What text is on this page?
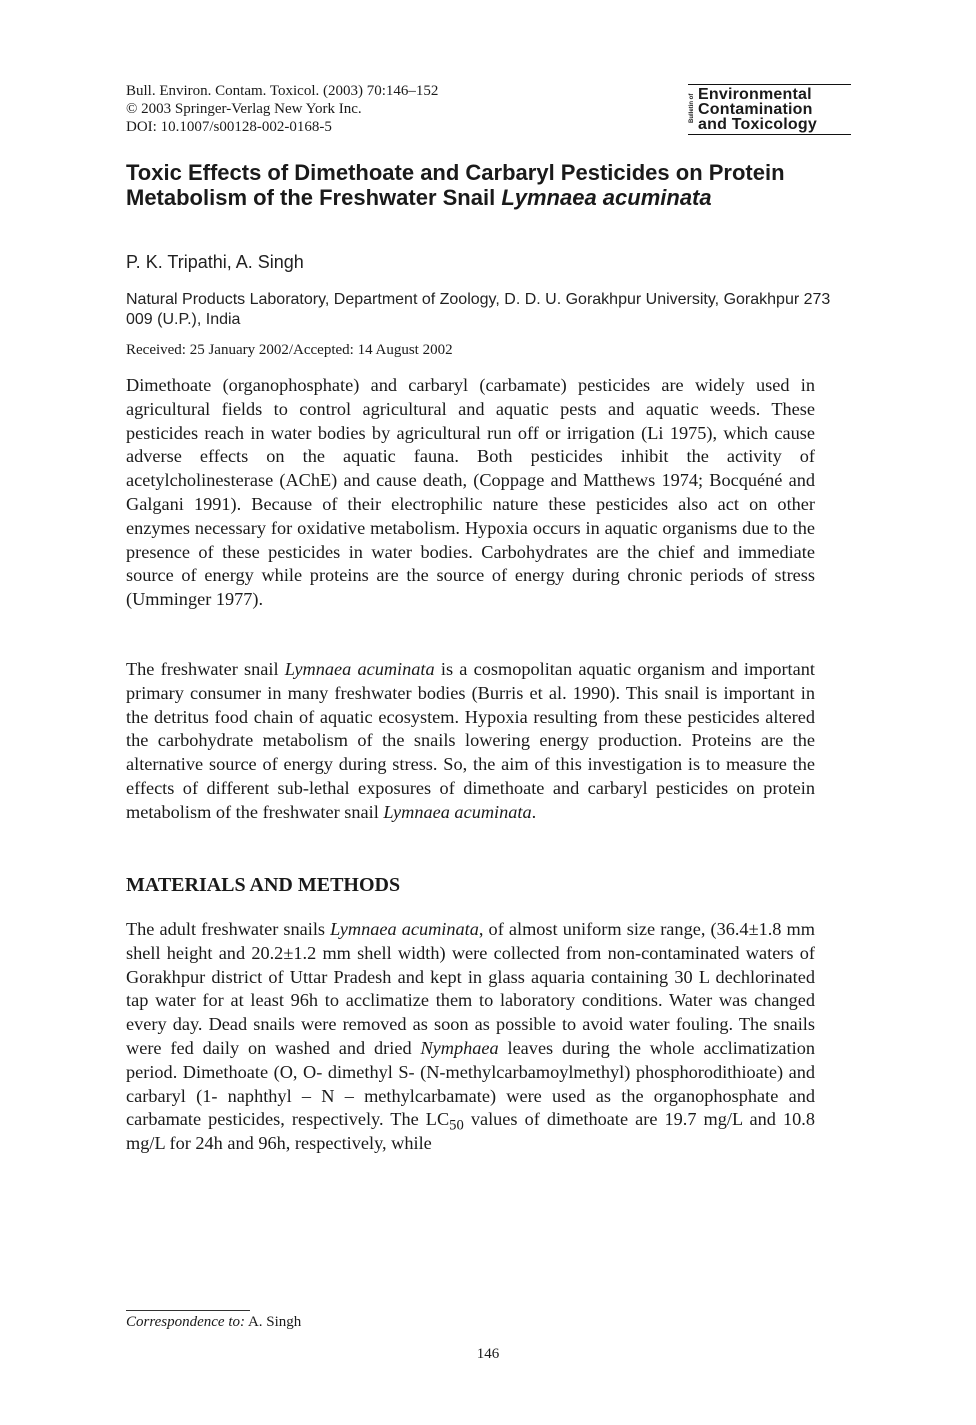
Bull. Environ. Contam. Toxicol. (2003) 70:146–152
© 2003 Springer-Verlag New York Inc.
DOI: 10.1007/s00128-002-0168-5
Bulletin of Environmental
Contamination
and Toxicology
Toxic Effects of Dimethoate and Carbaryl Pesticides on Protein Metabolism of the Freshwater Snail Lymnaea acuminata
P. K. Tripathi, A. Singh
Natural Products Laboratory, Department of Zoology, D. D. U. Gorakhpur University, Gorakhpur 273 009 (U.P.), India
Received: 25 January 2002/Accepted: 14 August 2002
Dimethoate (organophosphate) and carbaryl (carbamate) pesticides are widely used in agricultural fields to control agricultural and aquatic pests and aquatic weeds. These pesticides reach in water bodies by agricultural run off or irrigation (Li 1975), which cause adverse effects on the aquatic fauna. Both pesticides inhibit the activity of acetylcholinesterase (AChE) and cause death, (Coppage and Matthews 1974; Bocquéné and Galgani 1991). Because of their electrophilic nature these pesticides also act on other enzymes necessary for oxidative metabolism. Hypoxia occurs in aquatic organisms due to the presence of these pesticides in water bodies. Carbohydrates are the chief and immediate source of energy while proteins are the source of energy during chronic periods of stress (Umminger 1977).
The freshwater snail Lymnaea acuminata is a cosmopolitan aquatic organism and important primary consumer in many freshwater bodies (Burris et al. 1990). This snail is important in the detritus food chain of aquatic ecosystem. Hypoxia resulting from these pesticides altered the carbohydrate metabolism of the snails lowering energy production. Proteins are the alternative source of energy during stress. So, the aim of this investigation is to measure the effects of different sub-lethal exposures of dimethoate and carbaryl pesticides on protein metabolism of the freshwater snail Lymnaea acuminata.
MATERIALS AND METHODS
The adult freshwater snails Lymnaea acuminata, of almost uniform size range, (36.4±1.8 mm shell height and 20.2±1.2 mm shell width) were collected from non-contaminated waters of Gorakhpur district of Uttar Pradesh and kept in glass aquaria containing 30 L dechlorinated tap water for at least 96h to acclimatize them to laboratory conditions. Water was changed every day. Dead snails were removed as soon as possible to avoid water fouling. The snails were fed daily on washed and dried Nymphaea leaves during the whole acclimatization period. Dimethoate (O, O- dimethyl S- (N-methylcarbamoylmethyl) phosphorodithioate) and carbaryl (1- naphthyl – N – methylcarbamate) were used as the organophosphate and carbamate pesticides, respectively. The $LC_{50}$ values of dimethoate are 19.7 mg/L and 10.8 mg/L for 24h and 96h, respectively, while
Correspondence to: A. Singh
146
